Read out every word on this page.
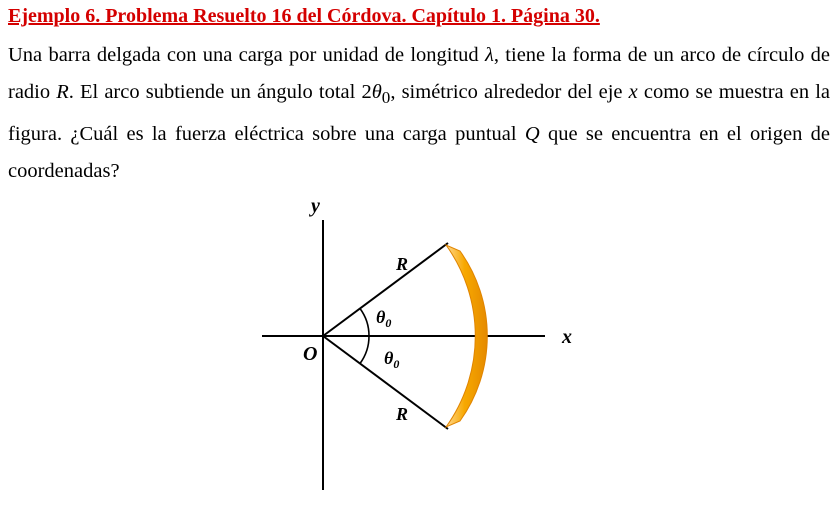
Ejemplo 6. Problema Resuelto 16 del Córdova. Capítulo 1. Página 30.
Una barra delgada con una carga por unidad de longitud λ, tiene la forma de un arco de círculo de radio R. El arco subtiende un ángulo total $2\theta_0$, simétrico alrededor del eje x como se muestra en la figura. ¿Cuál es la fuerza eléctrica sobre una carga puntual Q que se encuentra en el origen de coordenadas?
y
x
O
R
R
$\theta_0$
$\theta_0$
